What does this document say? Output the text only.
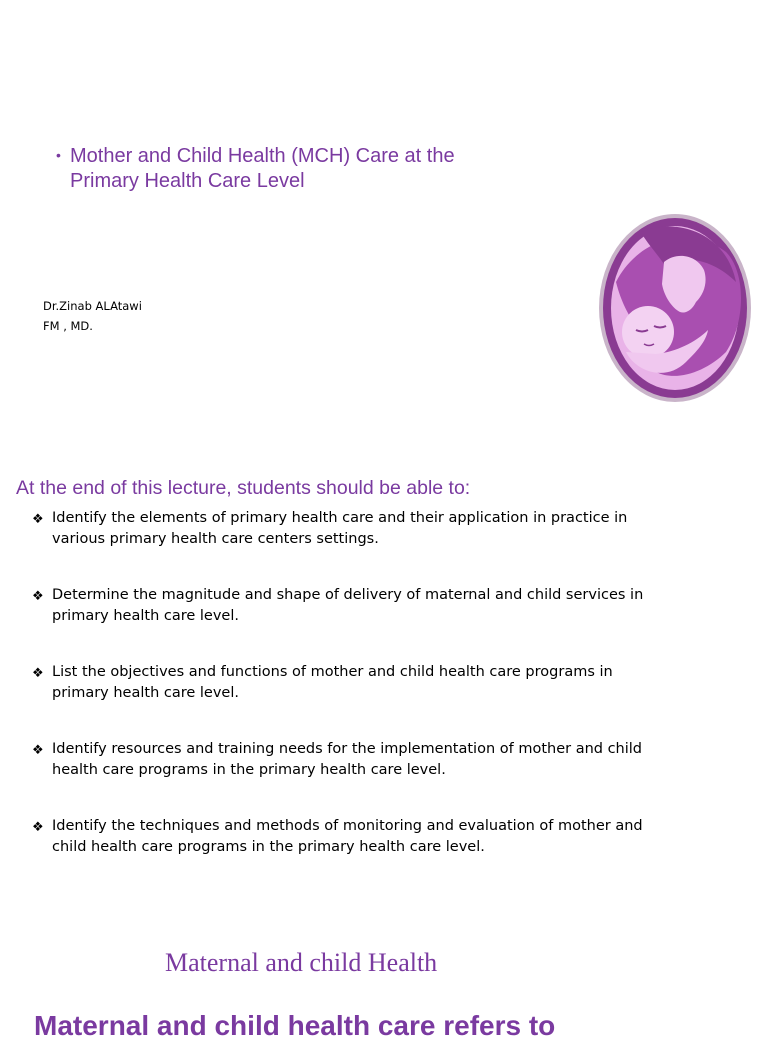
• Mother and Child Health (MCH) Care at the
Primary Health Care Level
Dr.Zinab ALAtawi
FM , MD.
At the end of this lecture, students should be able to:
❖ Identify the elements of primary health care and their application in practice in
various primary health care centers settings.
❖ Determine the magnitude and shape of delivery of maternal and child services in
primary health care level.
❖ List the objectives and functions of mother and child health care programs in
primary health care level.
❖ Identify resources and training needs for the implementation of mother and child
health care programs in the primary health care level.
❖ Identify the techniques and methods of monitoring and evaluation of mother and
child health care programs in the primary health care level.
Maternal and child Health
Maternal and child health care refers to
